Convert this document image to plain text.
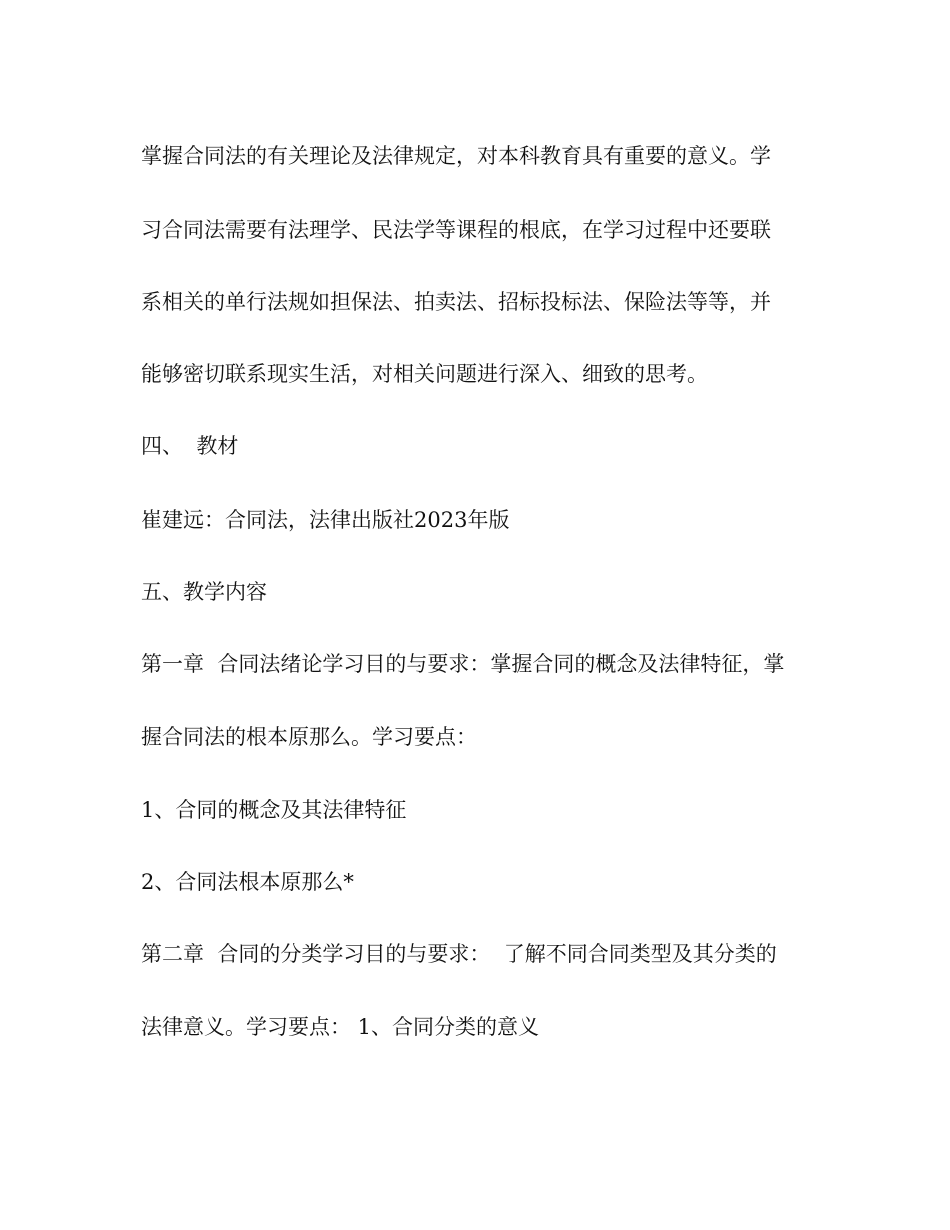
掌握合同法的有关理论及法律规定，对本科教育具有重要的意义。学
习合同法需要有法理学、民法学等课程的根底，在学习过程中还要联
系相关的单行法规如担保法、拍卖法、招标投标法、保险法等等，并
能够密切联系现实生活，对相关问题进行深入、细致的思考。
四、  教材
崔建远：合同法，法律出版社2023年版
五、教学内容
第一章  合同法绪论学习目的与要求：掌握合同的概念及法律特征，掌
握合同法的根本原那么。学习要点：
1、合同的概念及其法律特征
2、合同法根本原那么*
第二章  合同的分类学习目的与要求：  了解不同合同类型及其分类的
法律意义。学习要点： 1、合同分类的意义
